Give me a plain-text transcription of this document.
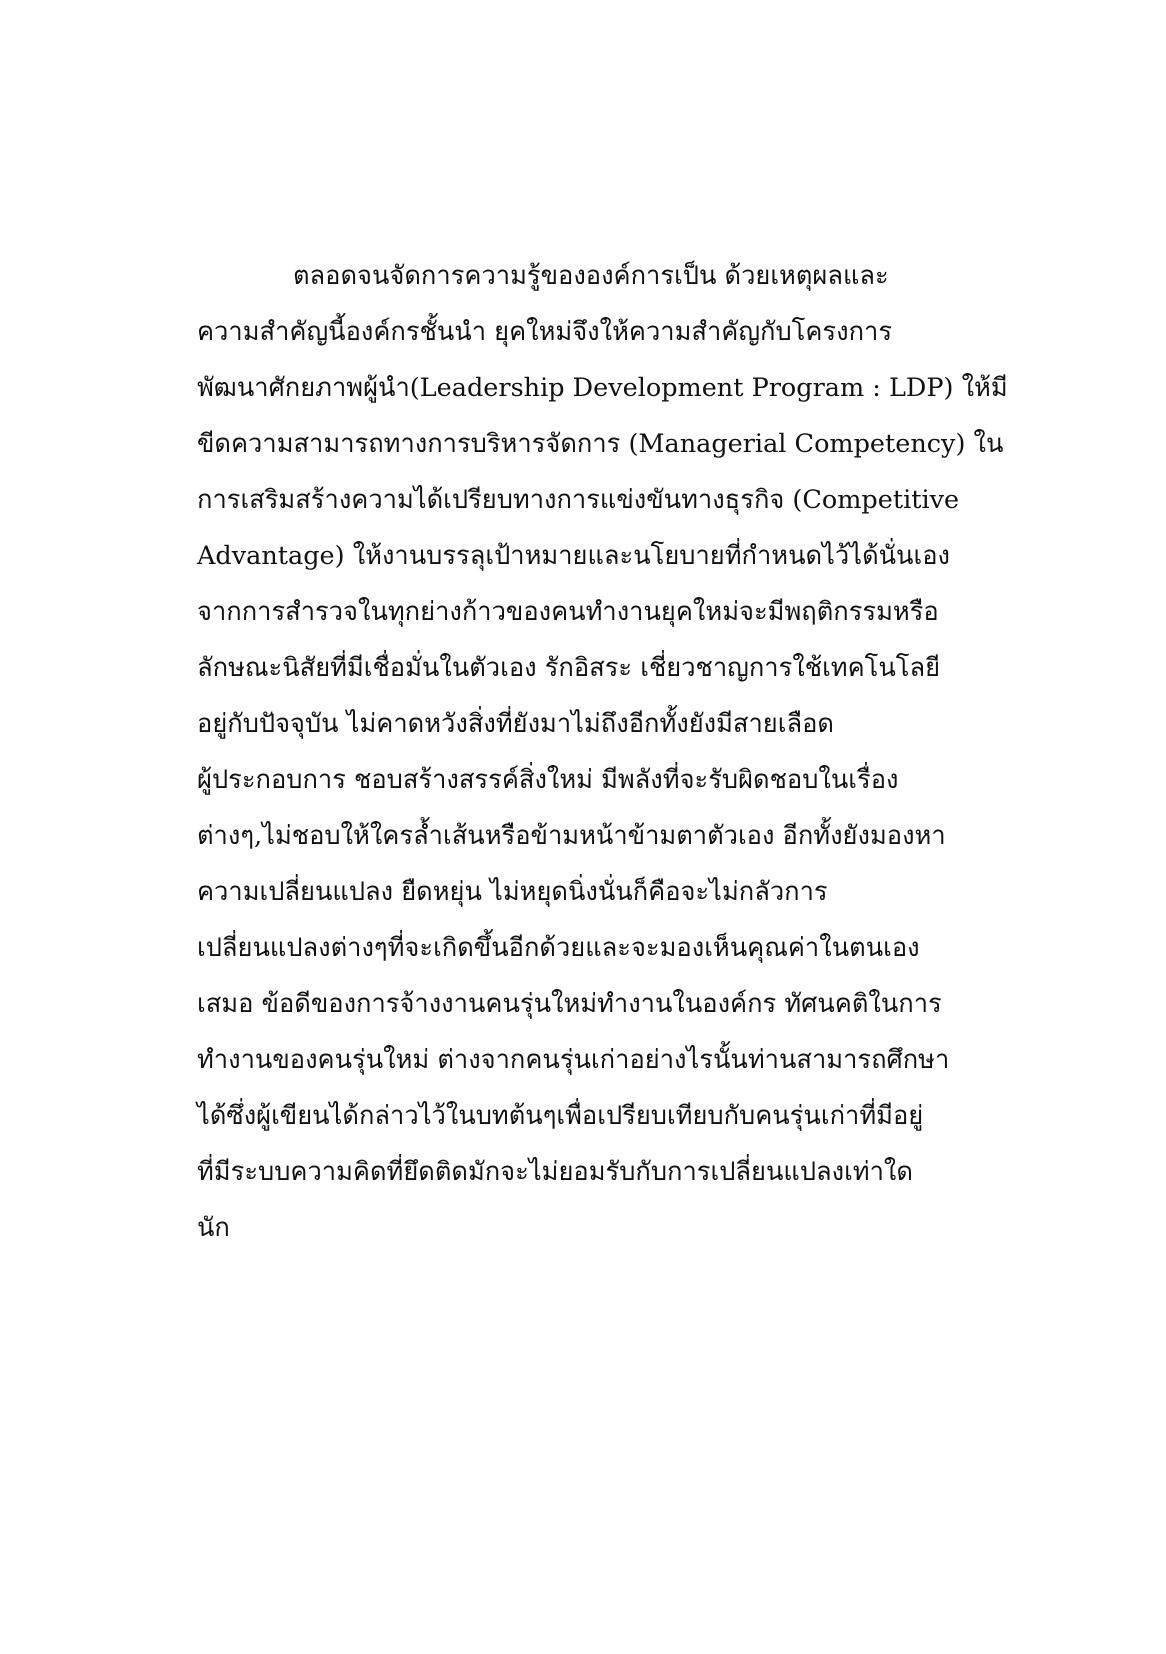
ตลอดจนจัดการความรู้ขององค์การเป็น ด้วยเหตุผลและ
ความสำคัญนี้องค์กรชั้นนำ ยุคใหม่จึงให้ความสำคัญกับโครงการ
พัฒนาศักยภาพผู้นำ(Leadership Development Program : LDP) ให้มี
ขีดความสามารถทางการบริหารจัดการ (Managerial Competency) ใน
การเสริมสร้างความได้เปรียบทางการแข่งขันทางธุรกิจ (Competitive
Advantage) ให้งานบรรลุเป้าหมายและนโยบายที่กำหนดไว้ได้นั่นเอง
จากการสำรวจในทุกย่างก้าวของคนทำงานยุคใหม่จะมีพฤติกรรมหรือ
ลักษณะนิสัยที่มีเชื่อมั่นในตัวเอง รักอิสระ เชี่ยวชาญการใช้เทคโนโลยี
อยู่กับปัจจุบัน ไม่คาดหวังสิ่งที่ยังมาไม่ถึงอีกทั้งยังมีสายเลือด
ผู้ประกอบการ ชอบสร้างสรรค์สิ่งใหม่ มีพลังที่จะรับผิดชอบในเรื่อง
ต่างๆ,ไม่ชอบให้ใครล้ำเส้นหรือข้ามหน้าข้ามตาตัวเอง อีกทั้งยังมองหา
ความเปลี่ยนแปลง ยืดหยุ่น ไม่หยุดนิ่งนั่นก็คือจะไม่กลัวการ
เปลี่ยนแปลงต่างๆที่จะเกิดขึ้นอีกด้วยและจะมองเห็นคุณค่าในตนเอง
เสมอ ข้อดีของการจ้างงานคนรุ่นใหม่ทำงานในองค์กร ทัศนคติในการ
ทำงานของคนรุ่นใหม่ ต่างจากคนรุ่นเก่าอย่างไรนั้นท่านสามารถศึกษา
ได้ซึ่งผู้เขียนได้กล่าวไว้ในบทต้นๆเพื่อเปรียบเทียบกับคนรุ่นเก่าที่มีอยู่
ที่มีระบบความคิดที่ยึดติดมักจะไม่ยอมรับกับการเปลี่ยนแปลงเท่าใด
นัก
